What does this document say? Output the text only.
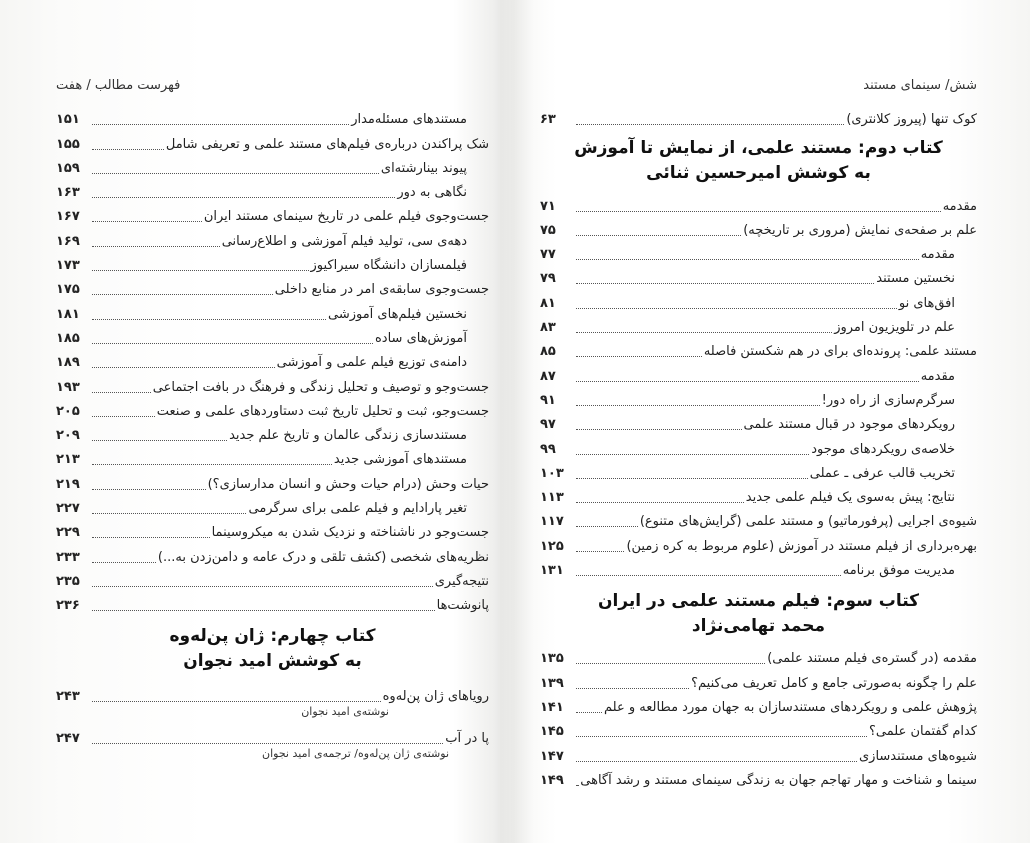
فهرست مطالب / هفت
مستندهای مسئله‌مدار
۱۵۱
شک پراکندن درباره‌ی فیلم‌های مستند علمی و تعریفی شامل
۱۵۵
پیوند بینارشته‌ای
۱۵۹
نگاهی به دور
۱۶۳
جست‌وجوی فیلم علمی در تاریخ سینمای مستند ایران
۱۶۷
دهه‌ی سی، تولید فیلم آموزشی و اطلاع‌رسانی
۱۶۹
فیلمسازان دانشگاه سیراکیوز
۱۷۳
جست‌وجوی سابقه‌ی امر در منابع داخلی
۱۷۵
نخستین فیلم‌های آموزشی
۱۸۱
آموزش‌های ساده
۱۸۵
دامنه‌ی توزیع فیلم علمی و آموزشی
۱۸۹
جست‌وجو و توصیف و تحلیل زندگی و فرهنگ در بافت اجتماعی
۱۹۳
جست‌وجو، ثبت و تحلیل تاریخ ثبت دستاوردهای علمی و صنعت
۲۰۵
مستندسازی زندگی عالمان و تاریخ علم جدید
۲۰۹
مستندهای آموزشی جدید
۲۱۳
حیات وحش (درام حیات وحش و انسان مدارسازی؟)
۲۱۹
تغیر پارادایم و فیلم علمی برای سرگرمی
۲۲۷
جست‌وجو در ناشناخته و نزدیک شدن به میکروسینما
۲۲۹
نظریه‌های شخصی (کشف تلقی و درک عامه و دامن‌زدن به...)
۲۳۳
نتیجه‌گیری
۲۳۵
پانوشت‌ها
۲۳۶
کتاب چهارم: ژان پن‌له‌وه
به کوشش امید نجوان
رویاهای ژان پن‌له‌وه
۲۴۳
نوشته‌ی امید نجوان
پا در آب
۲۴۷
نوشته‌ی ژان پن‌له‌وه/ ترجمه‌ی امید نجوان
شش/ سینمای مستند
کوک تنها (پیروز کلانتری)
۶۳
کتاب دوم: مستند علمی، از نمایش تا آموزش
به کوشش امیرحسین ثنائی
مقدمه
۷۱
علم بر صفحه‌ی نمایش (مروری بر تاریخچه)
۷۵
مقدمه
۷۷
نخستین مستند
۷۹
افق‌های نو
۸۱
علم در تلویزیون امروز
۸۳
مستند علمی: پرونده‌ای برای در هم شکستن فاصله
۸۵
مقدمه
۸۷
سرگرم‌سازی از راه دور!
۹۱
رویکردهای موجود در قبال مستند علمی
۹۷
خلاصه‌ی رویکردهای موجود
۹۹
تخریب قالب عرفی ـ عملی
۱۰۳
نتایج: پیش به‌سوی یک فیلم علمی جدید
۱۱۳
شیوه‌ی اجرایی (پرفورماتیو) و مستند علمی (گرایش‌های متنوع)
۱۱۷
بهره‌برداری از فیلم مستند در آموزش (علوم مربوط به کره زمین)
۱۲۵
مدیریت موفق برنامه
۱۳۱
کتاب سوم: فیلم مستند علمی در ایران
محمد تهامی‌نژاد
مقدمه (در گستره‌ی فیلم مستند علمی)
۱۳۵
علم را چگونه به‌صورتی جامع و کامل تعریف می‌کنیم؟
۱۳۹
پژوهش علمی و رویکردهای مستندسازان به جهان مورد مطالعه و علم
۱۴۱
کدام گفتمان علمی؟
۱۴۵
شیوه‌های مستندسازی
۱۴۷
سینما و شناخت و مهار تهاجم جهان به زندگی سینمای مستند و رشد آگاهی
۱۴۹
